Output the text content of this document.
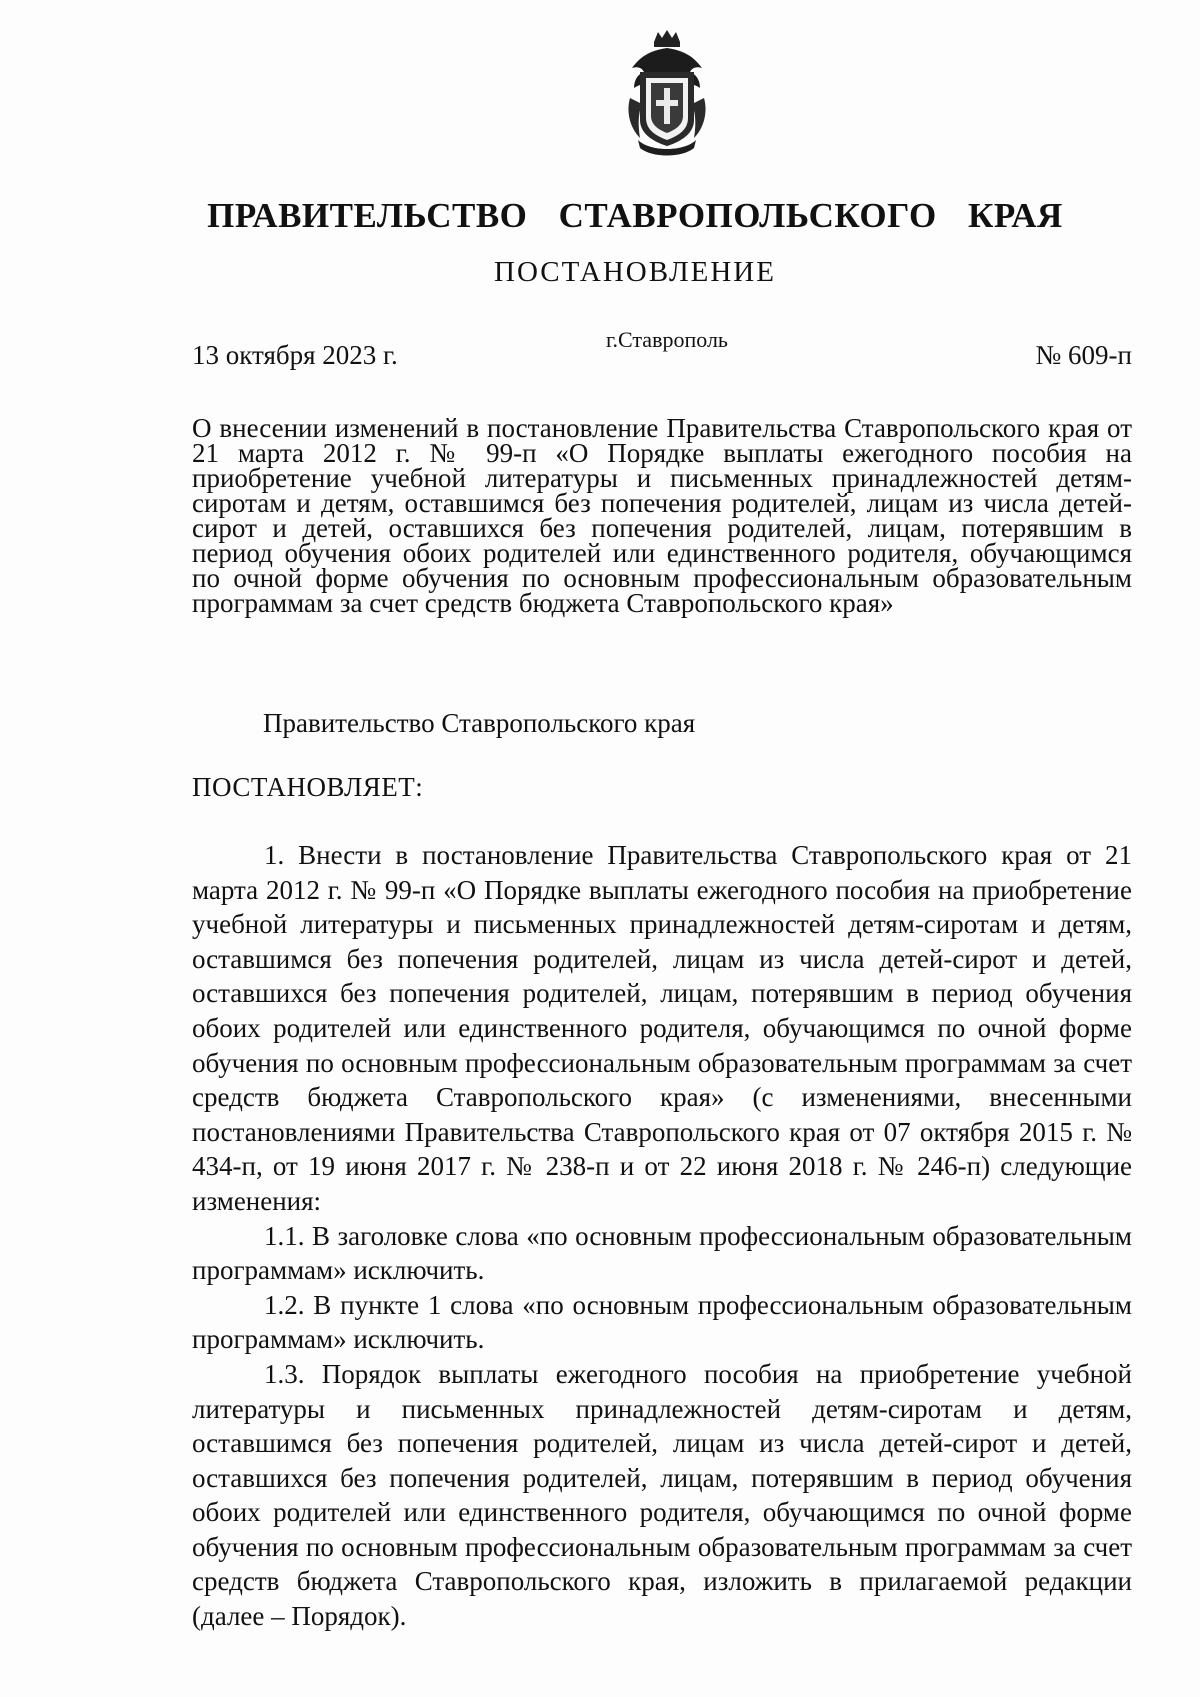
ПРАВИТЕЛЬСТВО СТАВРОПОЛЬСКОГО КРАЯ
ПОСТАНОВЛЕНИЕ
13 октября 2023 г.
г.Ставрополь
№ 609-п
О внесении изменений в постановление Правительства Ставропольского края от 21 марта 2012 г. № 99-п «О Порядке выплаты ежегодного пособия на приобретение учебной литературы и письменных принадлежностей детям-сиротам и детям, оставшимся без попечения родителей, лицам из числа детей-сирот и детей, оставшихся без попечения родителей, лицам, потерявшим в период обучения обоих родителей или единственного родителя, обучающимся по очной форме обучения по основным профессиональным образовательным программам за счет средств бюджета Ставропольского края»
Правительство Ставропольского края
ПОСТАНОВЛЯЕТ:

1. Внести в постановление Правительства Ставропольского края от 21 марта 2012 г. № 99-п «О Порядке выплаты ежегодного пособия на приобретение учебной литературы и письменных принадлежностей детям-сиротам и детям, оставшимся без попечения родителей, лицам из числа детей-сирот и детей, оставшихся без попечения родителей, лицам, потерявшим в период обучения обоих родителей или единственного родителя, обучающимся по очной форме обучения по основным профессиональным образовательным программам за счет средств бюджета Ставропольского края» (с изменениями, внесенными постановлениями Правительства Ставропольского края от 07 октября 2015 г. № 434-п, от 19 июня 2017 г. № 238-п и от 22 июня 2018 г. № 246-п) следующие изменения:

1.1. В заголовке слова «по основным профессиональным образовательным программам» исключить.

1.2. В пункте 1 слова «по основным профессиональным образовательным программам» исключить.

1.3. Порядок выплаты ежегодного пособия на приобретение учебной литературы и письменных принадлежностей детям-сиротам и детям, оставшимся без попечения родителей, лицам из числа детей-сирот и детей, оставшихся без попечения родителей, лицам, потерявшим в период обучения обоих родителей или единственного родителя, обучающимся по очной форме обучения по основным профессиональным образовательным программам за счет средств бюджета Ставропольского края, изложить в прилагаемой редакции (далее – Порядок).
